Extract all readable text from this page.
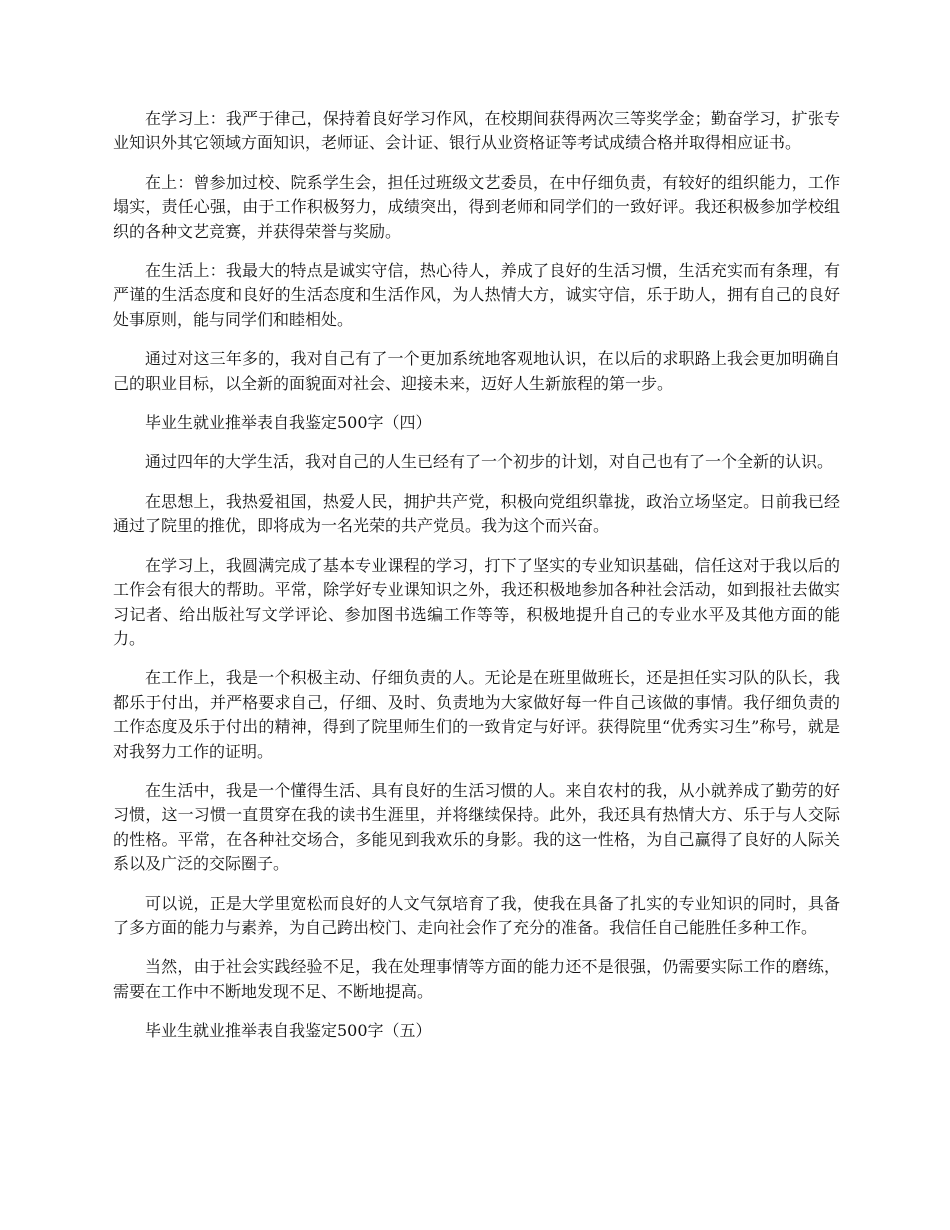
在学习上：我严于律己，保持着良好学习作风，在校期间获得两次三等奖学金；勤奋学习，扩张专业知识外其它领域方面知识，老师证、会计证、银行从业资格证等考试成绩合格并取得相应证书。

在上：曾参加过校、院系学生会，担任过班级文艺委员，在中仔细负责，有较好的组织能力，工作塌实，责任心强，由于工作积极努力，成绩突出，得到老师和同学们的一致好评。我还积极参加学校组织的各种文艺竞赛，并获得荣誉与奖励。

在生活上：我最大的特点是诚实守信，热心待人，养成了良好的生活习惯，生活充实而有条理，有严谨的生活态度和良好的生活态度和生活作风，为人热情大方，诚实守信，乐于助人，拥有自己的良好处事原则，能与同学们和睦相处。

通过对这三年多的，我对自己有了一个更加系统地客观地认识，在以后的求职路上我会更加明确自己的职业目标，以全新的面貌面对社会、迎接未来，迈好人生新旅程的第一步。

毕业生就业推举表自我鉴定500字（四）

通过四年的大学生活，我对自己的人生已经有了一个初步的计划，对自己也有了一个全新的认识。

在思想上，我热爱祖国，热爱人民，拥护共产党，积极向党组织靠拢，政治立场坚定。日前我已经通过了院里的推优，即将成为一名光荣的共产党员。我为这个而兴奋。

在学习上，我圆满完成了基本专业课程的学习，打下了坚实的专业知识基础，信任这对于我以后的工作会有很大的帮助。平常，除学好专业课知识之外，我还积极地参加各种社会活动，如到报社去做实习记者、给出版社写文学评论、参加图书选编工作等等，积极地提升自己的专业水平及其他方面的能力。

在工作上，我是一个积极主动、仔细负责的人。无论是在班里做班长，还是担任实习队的队长，我都乐于付出，并严格要求自己，仔细、及时、负责地为大家做好每一件自己该做的事情。我仔细负责的工作态度及乐于付出的精神，得到了院里师生们的一致肯定与好评。获得院里“优秀实习生”称号，就是对我努力工作的证明。

在生活中，我是一个懂得生活、具有良好的生活习惯的人。来自农村的我，从小就养成了勤劳的好习惯，这一习惯一直贯穿在我的读书生涯里，并将继续保持。此外，我还具有热情大方、乐于与人交际的性格。平常，在各种社交场合，多能见到我欢乐的身影。我的这一性格，为自己赢得了良好的人际关系以及广泛的交际圈子。

可以说，正是大学里宽松而良好的人文气氛培育了我，使我在具备了扎实的专业知识的同时，具备了多方面的能力与素养，为自己跨出校门、走向社会作了充分的准备。我信任自己能胜任多种工作。

当然，由于社会实践经验不足，我在处理事情等方面的能力还不是很强，仍需要实际工作的磨练，需要在工作中不断地发现不足、不断地提高。

毕业生就业推举表自我鉴定500字（五）
